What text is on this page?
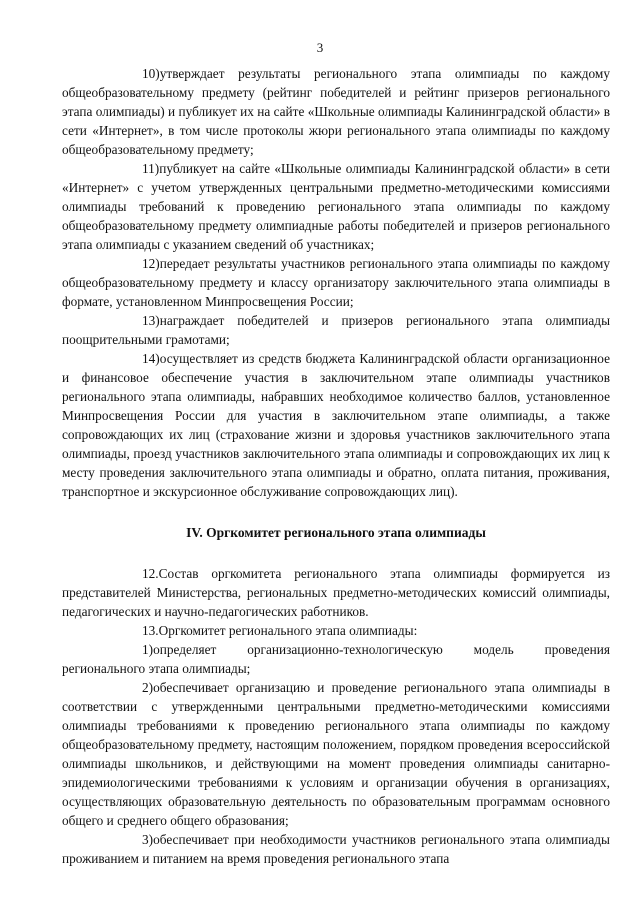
3

10)утверждает результаты регионального этапа олимпиады по каждому общеобразовательному предмету (рейтинг победителей и рейтинг призеров регионального этапа олимпиады) и публикует их на сайте «Школьные олимпиады Калининградской области» в сети «Интернет», в том числе протоколы жюри регионального этапа олимпиады по каждому общеобразовательному предмету;

11)публикует на сайте «Школьные олимпиады Калининградской области» в сети «Интернет» с учетом утвержденных центральными предметно-методическими комиссиями олимпиады требований к проведению регионального этапа олимпиады по каждому общеобразовательному предмету олимпиадные работы победителей и призеров регионального этапа олимпиады с указанием сведений об участниках;

12)передает результаты участников регионального этапа олимпиады по каждому общеобразовательному предмету и классу организатору заключительного этапа олимпиады в формате, установленном Минпросвещения России;

13)награждает победителей и призеров регионального этапа олимпиады поощрительными грамотами;

14)осуществляет из средств бюджета Калининградской области организационное и финансовое обеспечение участия в заключительном этапе олимпиады участников регионального этапа олимпиады, набравших необходимое количество баллов, установленное Минпросвещения России для участия в заключительном этапе олимпиады, а также сопровождающих их лиц (страхование жизни и здоровья участников заключительного этапа олимпиады, проезд участников заключительного этапа олимпиады и сопровождающих их лиц к месту проведения заключительного этапа олимпиады и обратно, оплата питания, проживания, транспортное и экскурсионное обслуживание сопровождающих лиц).

IV. Оргкомитет регионального этапа олимпиады

12.Состав оргкомитета регионального этапа олимпиады формируется из представителей Министерства, региональных предметно-методических комиссий олимпиады, педагогических и научно-педагогических работников.

13.Оргкомитет регионального этапа олимпиады:

1)определяет организационно-технологическую модель проведения регионального этапа олимпиады;

2)обеспечивает организацию и проведение регионального этапа олимпиады в соответствии с утвержденными центральными предметно-методическими комиссиями олимпиады требованиями к проведению регионального этапа олимпиады по каждому общеобразовательному предмету, настоящим положением, порядком проведения всероссийской олимпиады школьников, и действующими на момент проведения олимпиады санитарно-эпидемиологическими требованиями к условиям и организации обучения в организациях, осуществляющих образовательную деятельность по образовательным программам основного общего и среднего общего образования;

3)обеспечивает при необходимости участников регионального этапа олимпиады проживанием и питанием на время проведения регионального этапа
